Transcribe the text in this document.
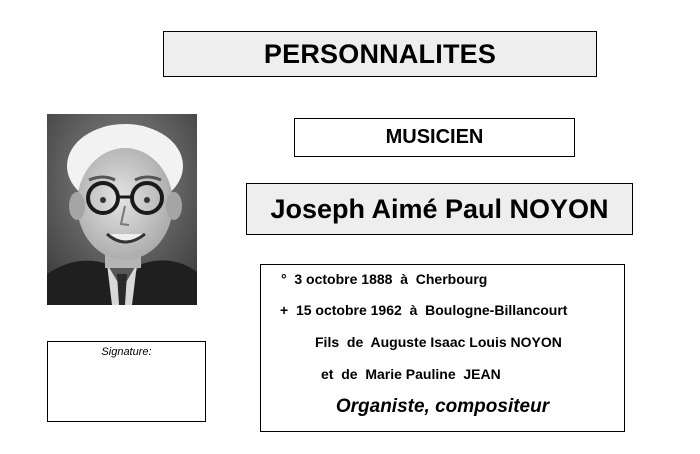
PERSONNALITES
MUSICIEN
Joseph Aimé Paul NOYON
Signature:
°  3 octobre 1888  à  Cherbourg
+  15 octobre 1962  à  Boulogne-Billancourt
Fils  de  Auguste Isaac Louis NOYON
et  de  Marie Pauline  JEAN
Organiste, compositeur
